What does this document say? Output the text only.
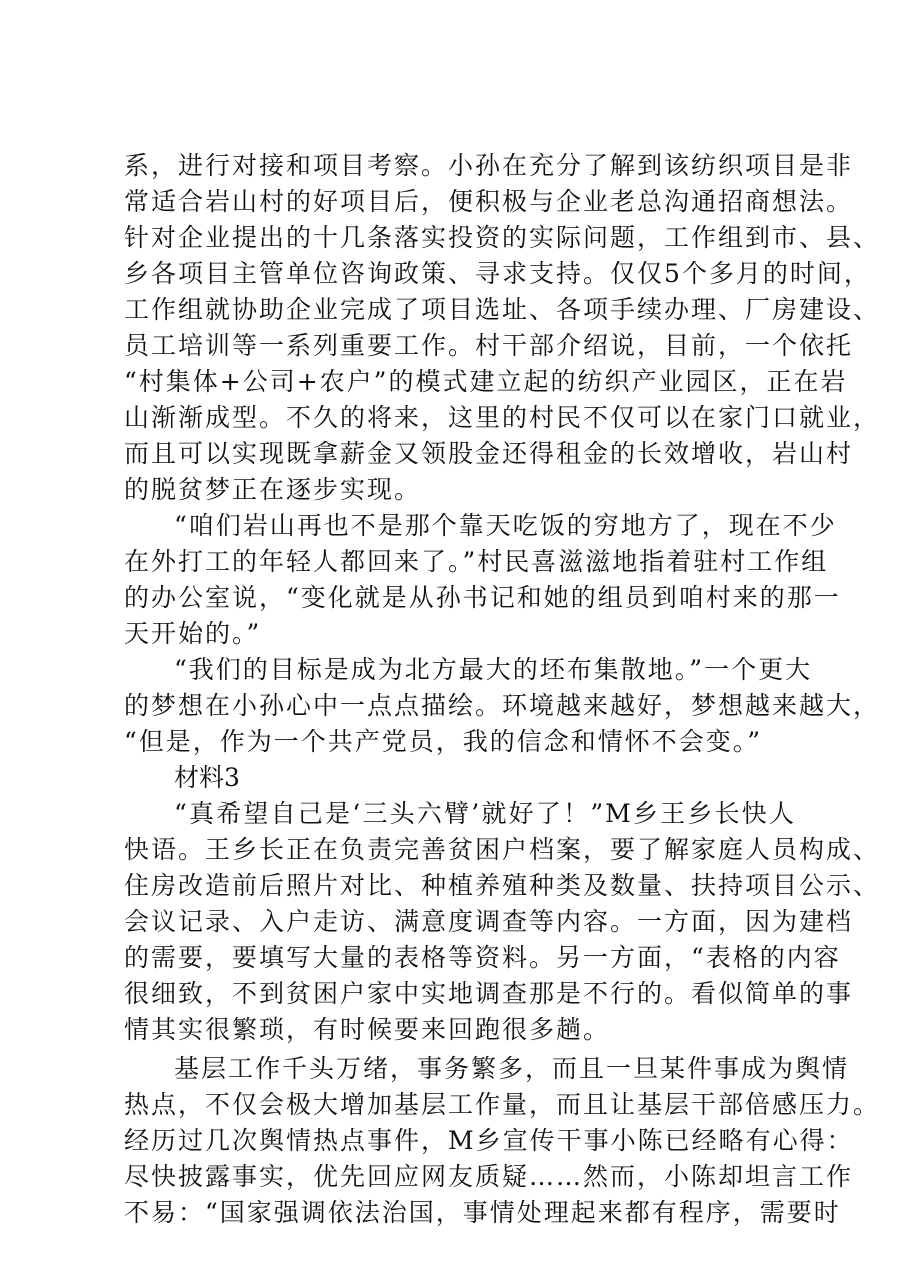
系，进行对接和项目考察。小孙在充分了解到该纺织项目是非
常适合岩山村的好项目后，便积极与企业老总沟通招商想法。
针对企业提出的十几条落实投资的实际问题，工作组到市、县、
乡各项目主管单位咨询政策、寻求支持。仅仅5个多月的时间，
工作组就协助企业完成了项目选址、各项手续办理、厂房建设、
员工培训等一系列重要工作。村干部介绍说，目前，一个依托
“村集体+公司+农户”的模式建立起的纺织产业园区，正在岩
山渐渐成型。不久的将来，这里的村民不仅可以在家门口就业，
而且可以实现既拿薪金又领股金还得租金的长效增收，岩山村
的脱贫梦正在逐步实现。
“咱们岩山再也不是那个靠天吃饭的穷地方了，现在不少
在外打工的年轻人都回来了。”村民喜滋滋地指着驻村工作组
的办公室说，“变化就是从孙书记和她的组员到咱村来的那一
天开始的。”
“我们的目标是成为北方最大的坯布集散地。”一个更大
的梦想在小孙心中一点点描绘。环境越来越好，梦想越来越大，
“但是，作为一个共产党员，我的信念和情怀不会变。”
材料3
“真希望自己是‘三头六臂’就好了！”M乡王乡长快人
快语。王乡长正在负责完善贫困户档案，要了解家庭人员构成、
住房改造前后照片对比、种植养殖种类及数量、扶持项目公示、
会议记录、入户走访、满意度调查等内容。一方面，因为建档
的需要，要填写大量的表格等资料。另一方面，“表格的内容
很细致，不到贫困户家中实地调查那是不行的。看似简单的事
情其实很繁琐，有时候要来回跑很多趟。
基层工作千头万绪，事务繁多，而且一旦某件事成为舆情
热点，不仅会极大增加基层工作量，而且让基层干部倍感压力。
经历过几次舆情热点事件，M乡宣传干事小陈已经略有心得：
尽快披露事实，优先回应网友质疑……然而，小陈却坦言工作
不易：“国家强调依法治国，事情处理起来都有程序，需要时
